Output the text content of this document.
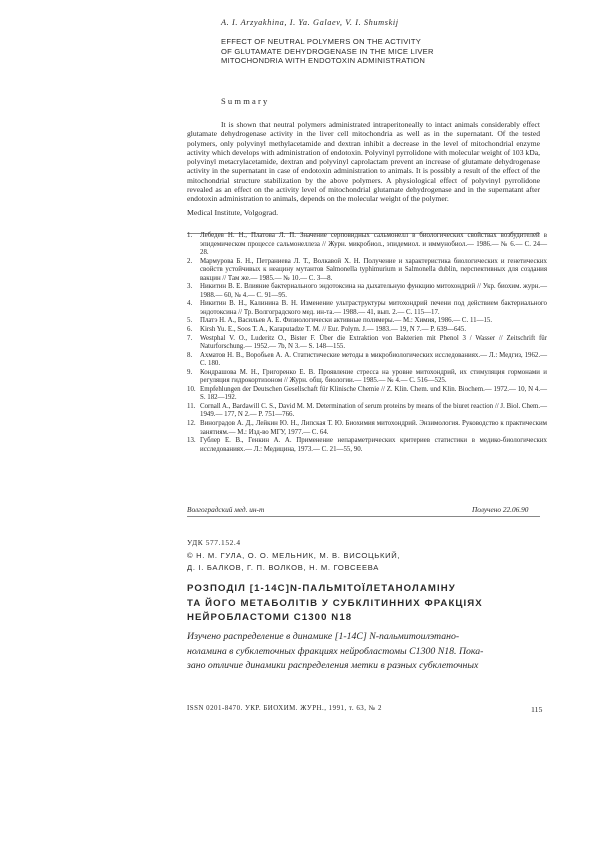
A. I. Arzyakhina, I. Ya. Galaev, V. I. Shumskij
EFFECT OF NEUTRAL POLYMERS ON THE ACTIVITY
OF GLUTAMATE DEHYDROGENASE IN THE MICE LIVER
MITOCHONDRIA WITH ENDOTOXIN ADMINISTRATION
Summary

It is shown that neutral polymers administrated intraperitoneally to intact animals considerably effect glutamate dehydrogenase activity in the liver cell mitochondria as well as in the supernatant. Of the tested polymers, only polyvinyl methylacetamide and dextran inhibit a decrease in the level of mitochondrial enzyme activity which develops with administration of endotoxin. Polyvinyl pyrrolidone with molecular weight of 103 kDa, polyvinyl metacrylacetamide, dextran and polyvinyl caprolactam prevent an increase of glutamate dehydrogenase activity in the supernatant in case of endotoxin administration to animals. It is possibly a result of the effect of the mitochondrial structure stabilization by the above polymers. A physiological effect of polyvinyl pyrrolidone revealed as an effect on the activity level of mitochondrial glutamate dehydrogenase and in the supernatant after endotoxin administration to animals, depends on the molecular weight of the polymer.

Medical Institute, Volgograd.
1. Лебедев Н. Н., Платова Л. П. Значение серповидных сальмонелл в биологических свойствах возбудителей в эпидемическом процессе сальмонеллеза // Журн. микробиол., эпидемиол. и иммунобиол.— 1986.— № 6.— С. 24—28.
2. Мармурова Б. Н., Петраниева Л. Т., Волкавой Х. Н. Получение и характеристика биологических и генетических свойств устойчивых к неацину мутантов Salmonella typhimurium и Salmonella dublin, перспективных для создания вакцин // Там же.— 1985.— № 10.— С. 3—8.
3. Никитин В. Е. Влияние бактериального эндотоксина на дыхательную функцию митохондрий // Укр. биохим. журн.— 1988.— 60, № 4.— С. 91—95.
4. Никитин В. Н., Калинина В. Н. Изменение ультраструктуры митохондрий печени под действием бактериального эндотоксина // Тр. Волгоградского мед. ин-та.— 1988.— 41, вып. 2.— С. 115—17.
5. Платэ Н. А., Васильев А. Е. Физиологически активные полимеры.— М.: Химия, 1986.— С. 11—15.
6. Kirsh Yu. E., Soos T. A., Karaputadze T. M. // Eur. Polym. J.— 1983.— 19, N 7.— P. 639—645.
7. Westphal V. O., Luderitz O., Bister F. Über die Extraktion von Bakterien mit Phenol 3 / Wasser // Zeitschrift für Naturforschung.— 1952.— 7b, N 3.— S. 148—155.
8. Ахматов Н. В., Воробьев А. А. Статистические методы в микробиологических исследованиях.— Л.: Медгиз, 1962.— С. 180.
9. Кондрашова М. Н., Григоренко Е. В. Проявление стресса на уровне митохондрий, их стимуляция гормонами и регуляция гидрокортизоном // Журн. общ. биологии.— 1985.— № 4.— С. 516—525.
10. Empfehlungen der Deutschen Gesellschaft für Klinische Chemie // Z. Klin. Chem. und Klin. Biochem.— 1972.— 10, N 4.— S. 182—192.
11. Cornall A., Bardawill C. S., David M. M. Determination of serum proteins by means of the biuret reaction // J. Biol. Chem.— 1949.— 177, N 2.— P. 751—766.
12. Виноградов А. Д., Лейкин Ю. Н., Липская Т. Ю. Биохимия митохондрий. Энзимология. Руководство к практическим занятиям.— М.: Изд-во МГУ, 1977.— С. 64.
13. Гублер Е. В., Генкин А. А. Применение непараметрических критериев статистики в медико-биологических исследованиях.— Л.: Медицина, 1973.— С. 21—55, 90.
Волгоградский мед. ин-т	Получено 22.06.90
УДК 577.152.4
© Н. М. ГУЛА, О. О. МЕЛЬНИК, М. В. ВИСОЦЬКИЙ,
Д. І. БАЛКОВ, Г. П. ВОЛКОВ, Н. М. ГОВСЕЕВА
РОЗПОДІЛ [1-14C]N-ПАЛЬМІТОЇЛЕТАНОЛАМІНУ
ТА ЙОГО МЕТАБОЛІТІВ У СУБКЛІТИННИХ ФРАКЦІЯХ
НЕЙРОБЛАСТОМИ C1300 N18
Изучено распределение в динамике [1-14C] N-пальмитоилэтано-
ноламина в субклеточных фракциях нейробластомы C1300 N18. Пока-
зано отличие динамики распределения метки в разных субклеточных
ISSN 0201-8470. УКР. БИОХИМ. ЖУРН., 1991, т. 63, № 2	115
